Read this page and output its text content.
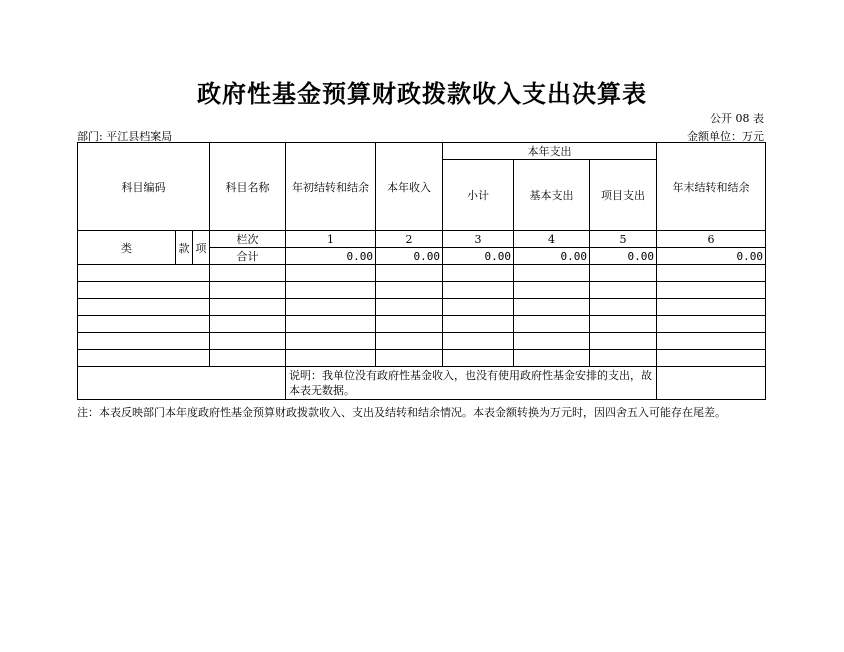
政府性基金预算财政拨款收入支出决算表
公开 08 表
部门: 平江县档案局	金额单位：万元
科目编码			科目名称	年初结转和结余	本年收入	本年支出			年末结转和结余
						小计	基本支出	项目支出	
类	款	项	栏次	1	2	3	4	5	6
			合计	0.00	0.00	0.00	0.00	0.00	0.00

				说明：我单位没有政府性基金收入，也没有使用政府性基金安排的支出，故本表无数据。					
注：本表反映部门本年度政府性基金预算财政拨款收入、支出及结转和结余情况。本表金额转换为万元时，因四舍五入可能存在尾差。
